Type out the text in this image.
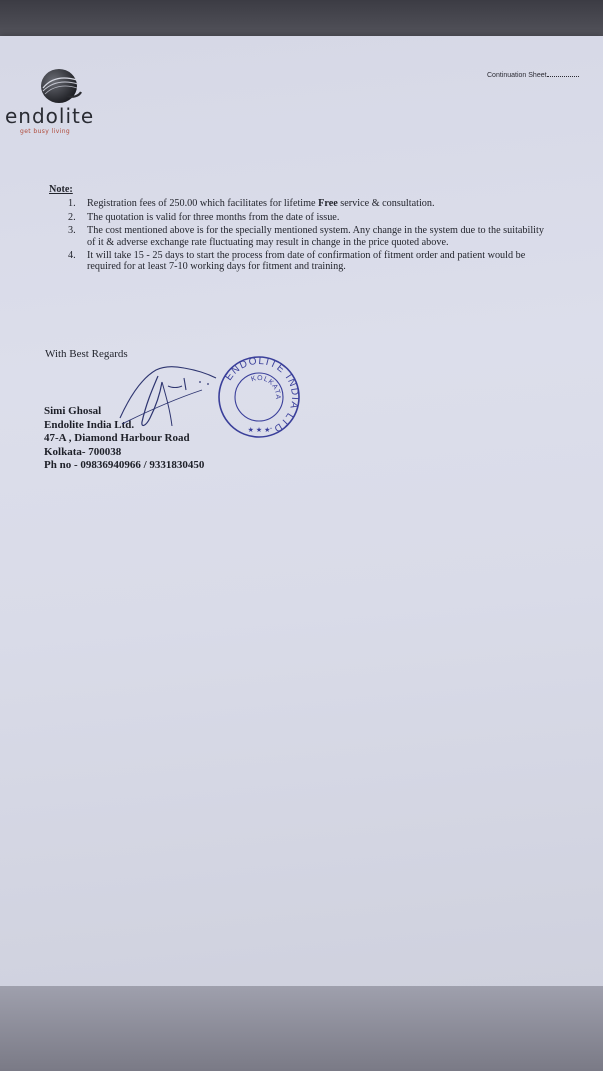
endolite
get busy living
Continuation Sheet
Note:
1. Registration fees of 250.00 which facilitates for lifetime Free service & consultation.
2. The quotation is valid for three months from the date of issue.
3. The cost mentioned above is for the specially mentioned system. Any change in the system due to the suitability of it & adverse exchange rate fluctuating may result in change in the price quoted above.
4. It will take 15 - 25 days to start the process from date of confirmation of fitment order and patient would be required for at least 7-10 working days for fitment and training.
With Best Regards
Simi Ghosal
Endolite India Ltd.
47-A , Diamond Harbour Road
Kolkata- 700038
Ph no - 09836940966 / 9331830450
ENDOLITE INDIA LTD.
KOLKATA
★ ★ ★
